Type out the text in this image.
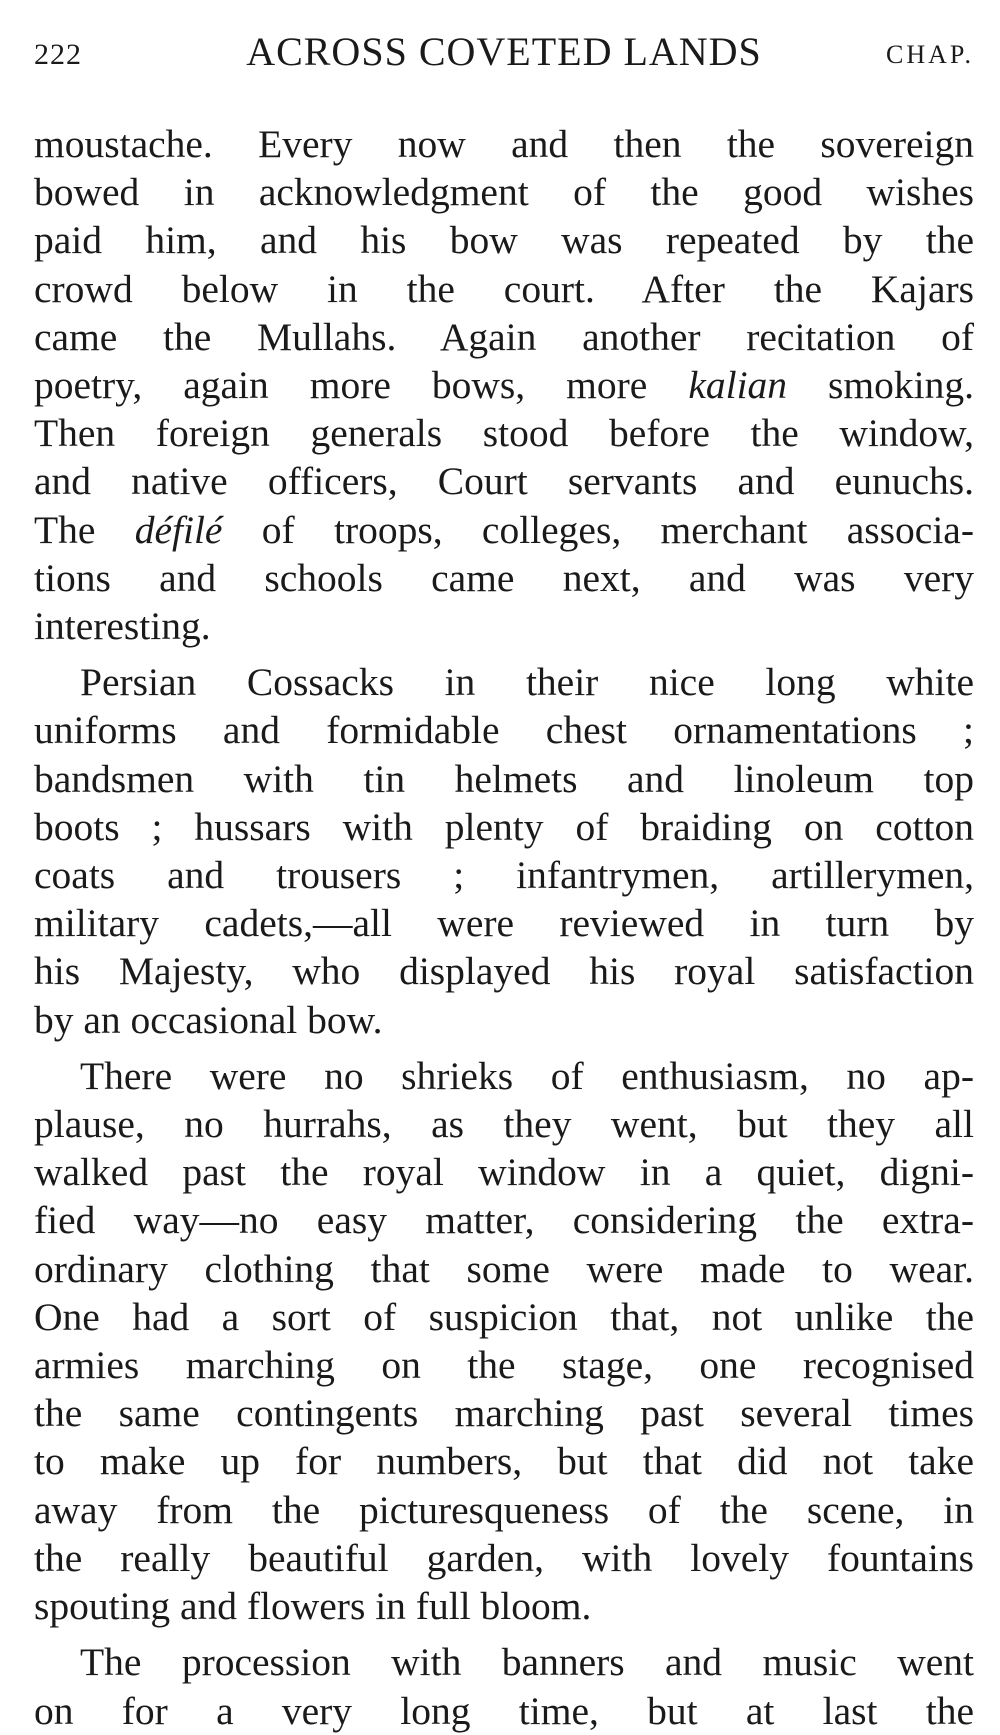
222	ACROSS COVETED LANDS	CHAP.

moustache. Every now and then the sovereign
bowed in acknowledgment of the good wishes
paid him, and his bow was repeated by the
crowd below in the court. After the Kajars
came the Mullahs. Again another recitation of
poetry, again more bows, more kalian smoking.
Then foreign generals stood before the window,
and native officers, Court servants and eunuchs.
The défilé of troops, colleges, merchant associa-
tions and schools came next, and was very
interesting.

Persian Cossacks in their nice long white
uniforms and formidable chest ornamentations ;
bandsmen with tin helmets and linoleum top
boots ; hussars with plenty of braiding on cotton
coats and trousers ; infantrymen, artillerymen,
military cadets,—all were reviewed in turn by
his Majesty, who displayed his royal satisfaction
by an occasional bow.

There were no shrieks of enthusiasm, no ap-
plause, no hurrahs, as they went, but they all
walked past the royal window in a quiet, digni-
fied way—no easy matter, considering the extra-
ordinary clothing that some were made to wear.
One had a sort of suspicion that, not unlike the
armies marching on the stage, one recognised
the same contingents marching past several times
to make up for numbers, but that did not take
away from the picturesqueness of the scene, in
the really beautiful garden, with lovely fountains
spouting and flowers in full bloom.

The procession with banners and music went
on for a very long time, but at last the
